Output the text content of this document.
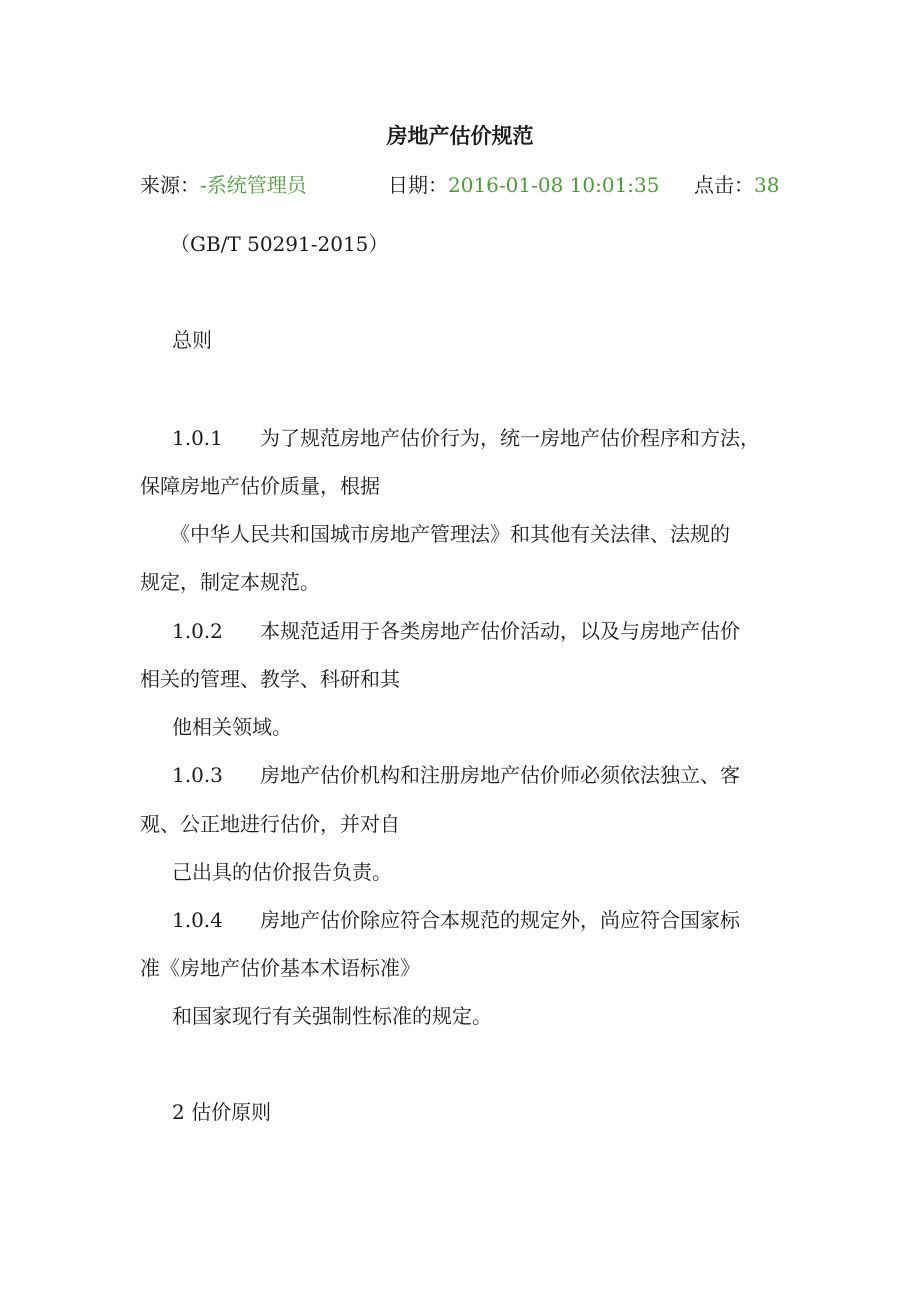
房地产估价规范
来源：-系统管理员	日期：2016-01-08 10:01:35 点击：38

（GB/T 50291-2015）

总则

1.0.1 为了规范房地产估价行为，统一房地产估价程序和方法，

保障房地产估价质量，根据

《中华人民共和国城市房地产管理法》和其他有关法律、法规的

规定，制定本规范。

1.0.2 本规范适用于各类房地产估价活动，以及与房地产估价

相关的管理、教学、科研和其

他相关领域。

1.0.3 房地产估价机构和注册房地产估价师必须依法独立、客

观、公正地进行估价，并对自

己出具的估价报告负责。

1.0.4 房地产估价除应符合本规范的规定外，尚应符合国家标

准《房地产估价基本术语标准》

和国家现行有关强制性标准的规定。

2 估价原则
